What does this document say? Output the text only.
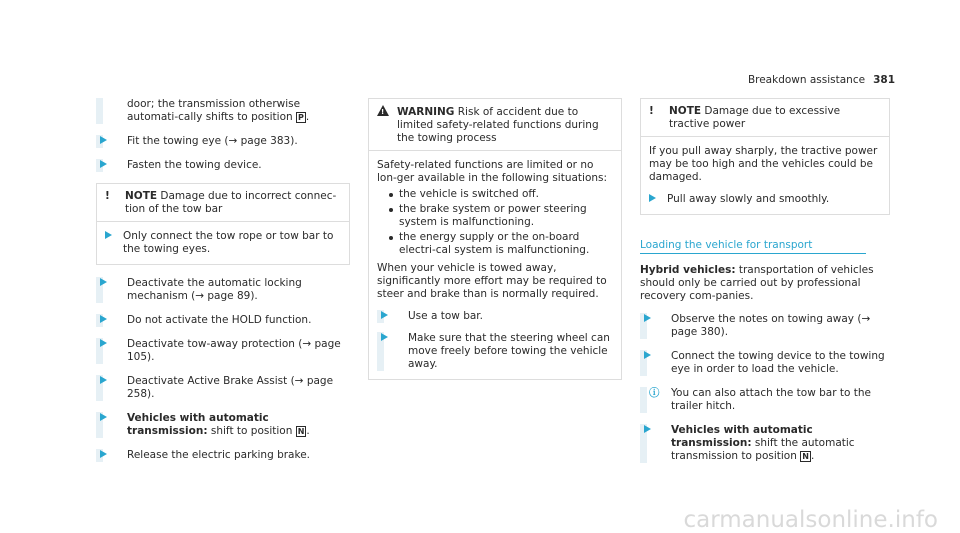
Breakdown assistance 381
door; the transmission otherwise automati-cally shifts to position P .
Fit the towing eye (→ page 383).
Fasten the towing device.
!	NOTE Damage due to incorrect connec-tion of the tow bar
Only connect the tow rope or tow bar to the towing eyes.
Deactivate the automatic locking mechanism (→ page 89).
Do not activate the HOLD function.
Deactivate tow-away protection (→ page 105).
Deactivate Active Brake Assist (→ page 258).
Vehicles with automatic transmission: shift to position N .
Release the electric parking brake.
!	WARNING Risk of accident due to limited safety-related functions during the towing process
Safety-related functions are limited or no lon-ger available in the following situations:
the vehicle is switched off.
the brake system or power steering system is malfunctioning.
the energy supply or the on-board electri-cal system is malfunctioning.
When your vehicle is towed away, significantly more effort may be required to steer and brake than is normally required.
Use a tow bar.
Make sure that the steering wheel can move freely before towing the vehicle away.
!	NOTE Damage due to excessive tractive power
If you pull away sharply, the tractive power may be too high and the vehicles could be damaged.
Pull away slowly and smoothly.
Loading the vehicle for transport
Hybrid vehicles: transportation of vehicles should only be carried out by professional recovery com-panies.
Observe the notes on towing away (→ page 380).
Connect the towing device to the towing eye in order to load the vehicle.
ⓘ	You can also attach the tow bar to the trailer hitch.
Vehicles with automatic transmission: shift the automatic transmission to position N .
carmanualsonline.info
